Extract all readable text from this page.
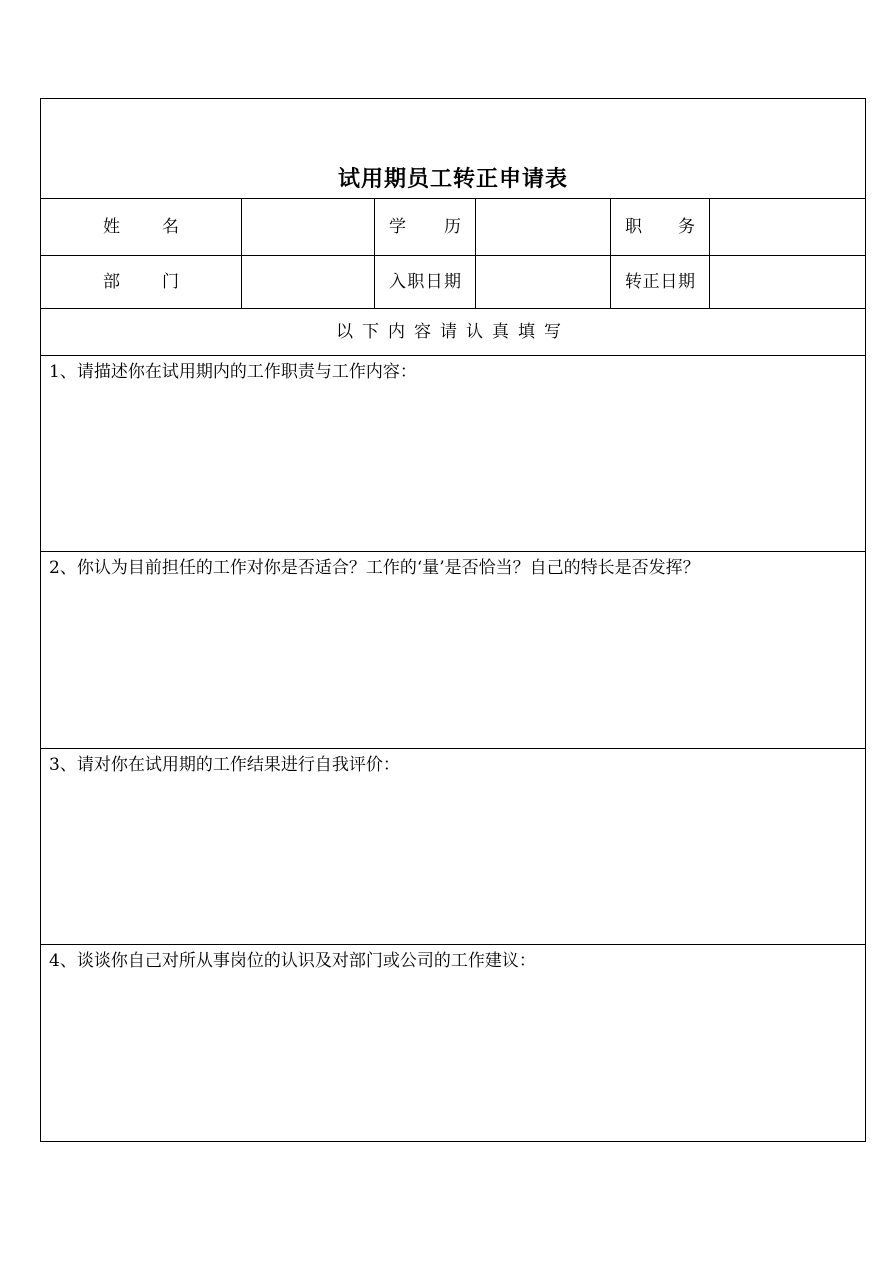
试用期员工转正申请表					
姓 名		学 历		职 务	
部 门		入职日期		转正日期	
以下内容请认真填写					
1、请描述你在试用期内的工作职责与工作内容：					
2、你认为目前担任的工作对你是否适合？工作的‘量’是否恰当？自己的特长是否发挥？					
3、请对你在试用期的工作结果进行自我评价：					
4、谈谈你自己对所从事岗位的认识及对部门或公司的工作建议：					
